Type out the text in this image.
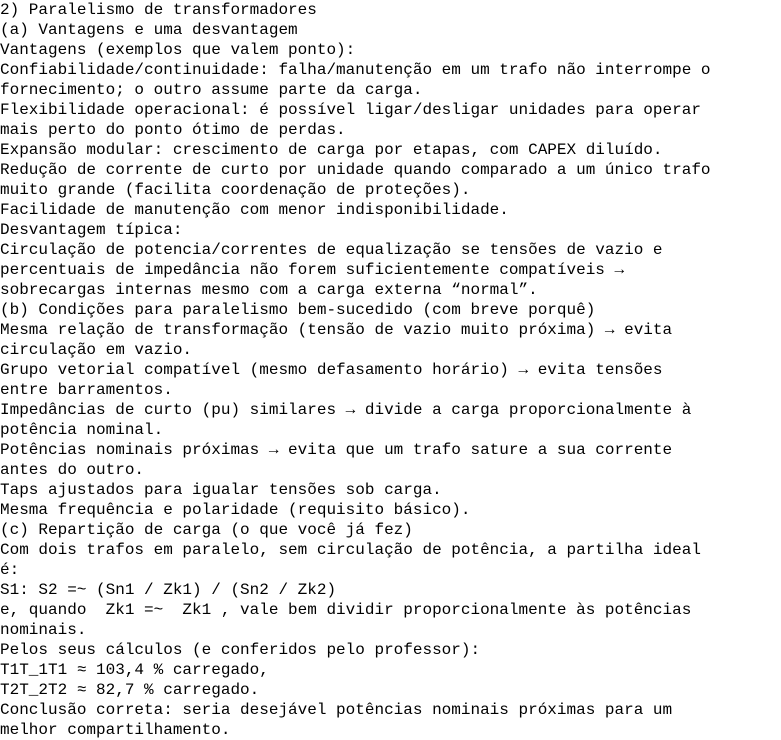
2) Paralelismo de transformadores
(a) Vantagens e uma desvantagem
Vantagens (exemplos que valem ponto):
Confiabilidade/continuidade: falha/manutenção em um trafo não interrompe o
fornecimento; o outro assume parte da carga.
Flexibilidade operacional: é possível ligar/desligar unidades para operar
mais perto do ponto ótimo de perdas.
Expansão modular: crescimento de carga por etapas, com CAPEX diluído.
Redução de corrente de curto por unidade quando comparado a um único trafo
muito grande (facilita coordenação de proteções).
Facilidade de manutenção com menor indisponibilidade.
Desvantagem típica:
Circulação de potencia/correntes de equalização se tensões de vazio e
percentuais de impedância não forem suficientemente compatíveis →
sobrecargas internas mesmo com a carga externa “normal”.
(b) Condições para paralelismo bem-sucedido (com breve porquê)
Mesma relação de transformação (tensão de vazio muito próxima) → evita
circulação em vazio.
Grupo vetorial compatível (mesmo defasamento horário) → evita tensões
entre barramentos.
Impedâncias de curto (pu) similares → divide a carga proporcionalmente à
potência nominal.
Potências nominais próximas → evita que um trafo sature a sua corrente
antes do outro.
Taps ajustados para igualar tensões sob carga.
Mesma frequência e polaridade (requisito básico).
(c) Repartição de carga (o que você já fez)
Com dois trafos em paralelo, sem circulação de potência, a partilha ideal
é:
S1: S2 =~ (Sn1 / Zk1) / (Sn2 / Zk2)
e, quando  Zk1 =~  Zk1 , vale bem dividir proporcionalmente às potências
nominais.
Pelos seus cálculos (e conferidos pelo professor):
T1T_1T1 ≈ 103,4 % carregado,
T2T_2T2 ≈ 82,7 % carregado.
Conclusão correta: seria desejável potências nominais próximas para um
melhor compartilhamento.
